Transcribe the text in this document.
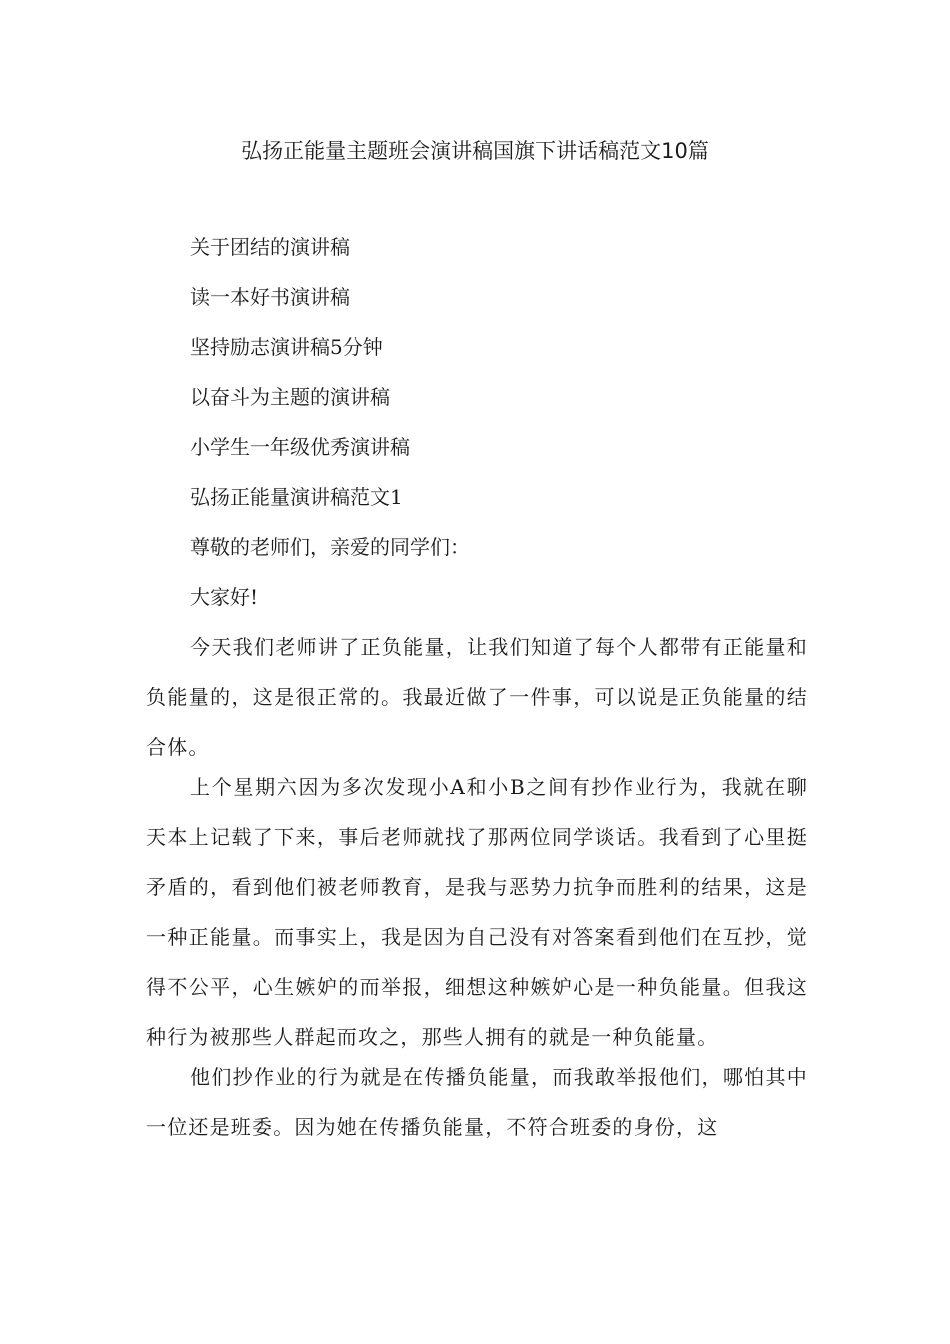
弘扬正能量主题班会演讲稿国旗下讲话稿范文10篇
关于团结的演讲稿
读一本好书演讲稿
坚持励志演讲稿5分钟
以奋斗为主题的演讲稿
小学生一年级优秀演讲稿
弘扬正能量演讲稿范文1
尊敬的老师们，亲爱的同学们：
大家好!

今天我们老师讲了正负能量，让我们知道了每个人都带有正能量和负能量的，这是很正常的。我最近做了一件事，可以说是正负能量的结合体。

上个星期六因为多次发现小A和小B之间有抄作业行为，我就在聊天本上记载了下来，事后老师就找了那两位同学谈话。我看到了心里挺矛盾的，看到他们被老师教育，是我与恶势力抗争而胜利的结果，这是一种正能量。而事实上，我是因为自己没有对答案看到他们在互抄，觉得不公平，心生嫉妒的而举报，细想这种嫉妒心是一种负能量。但我这种行为被那些人群起而攻之，那些人拥有的就是一种负能量。

他们抄作业的行为就是在传播负能量，而我敢举报他们，哪怕其中一位还是班委。因为她在传播负能量，不符合班委的身份，这
